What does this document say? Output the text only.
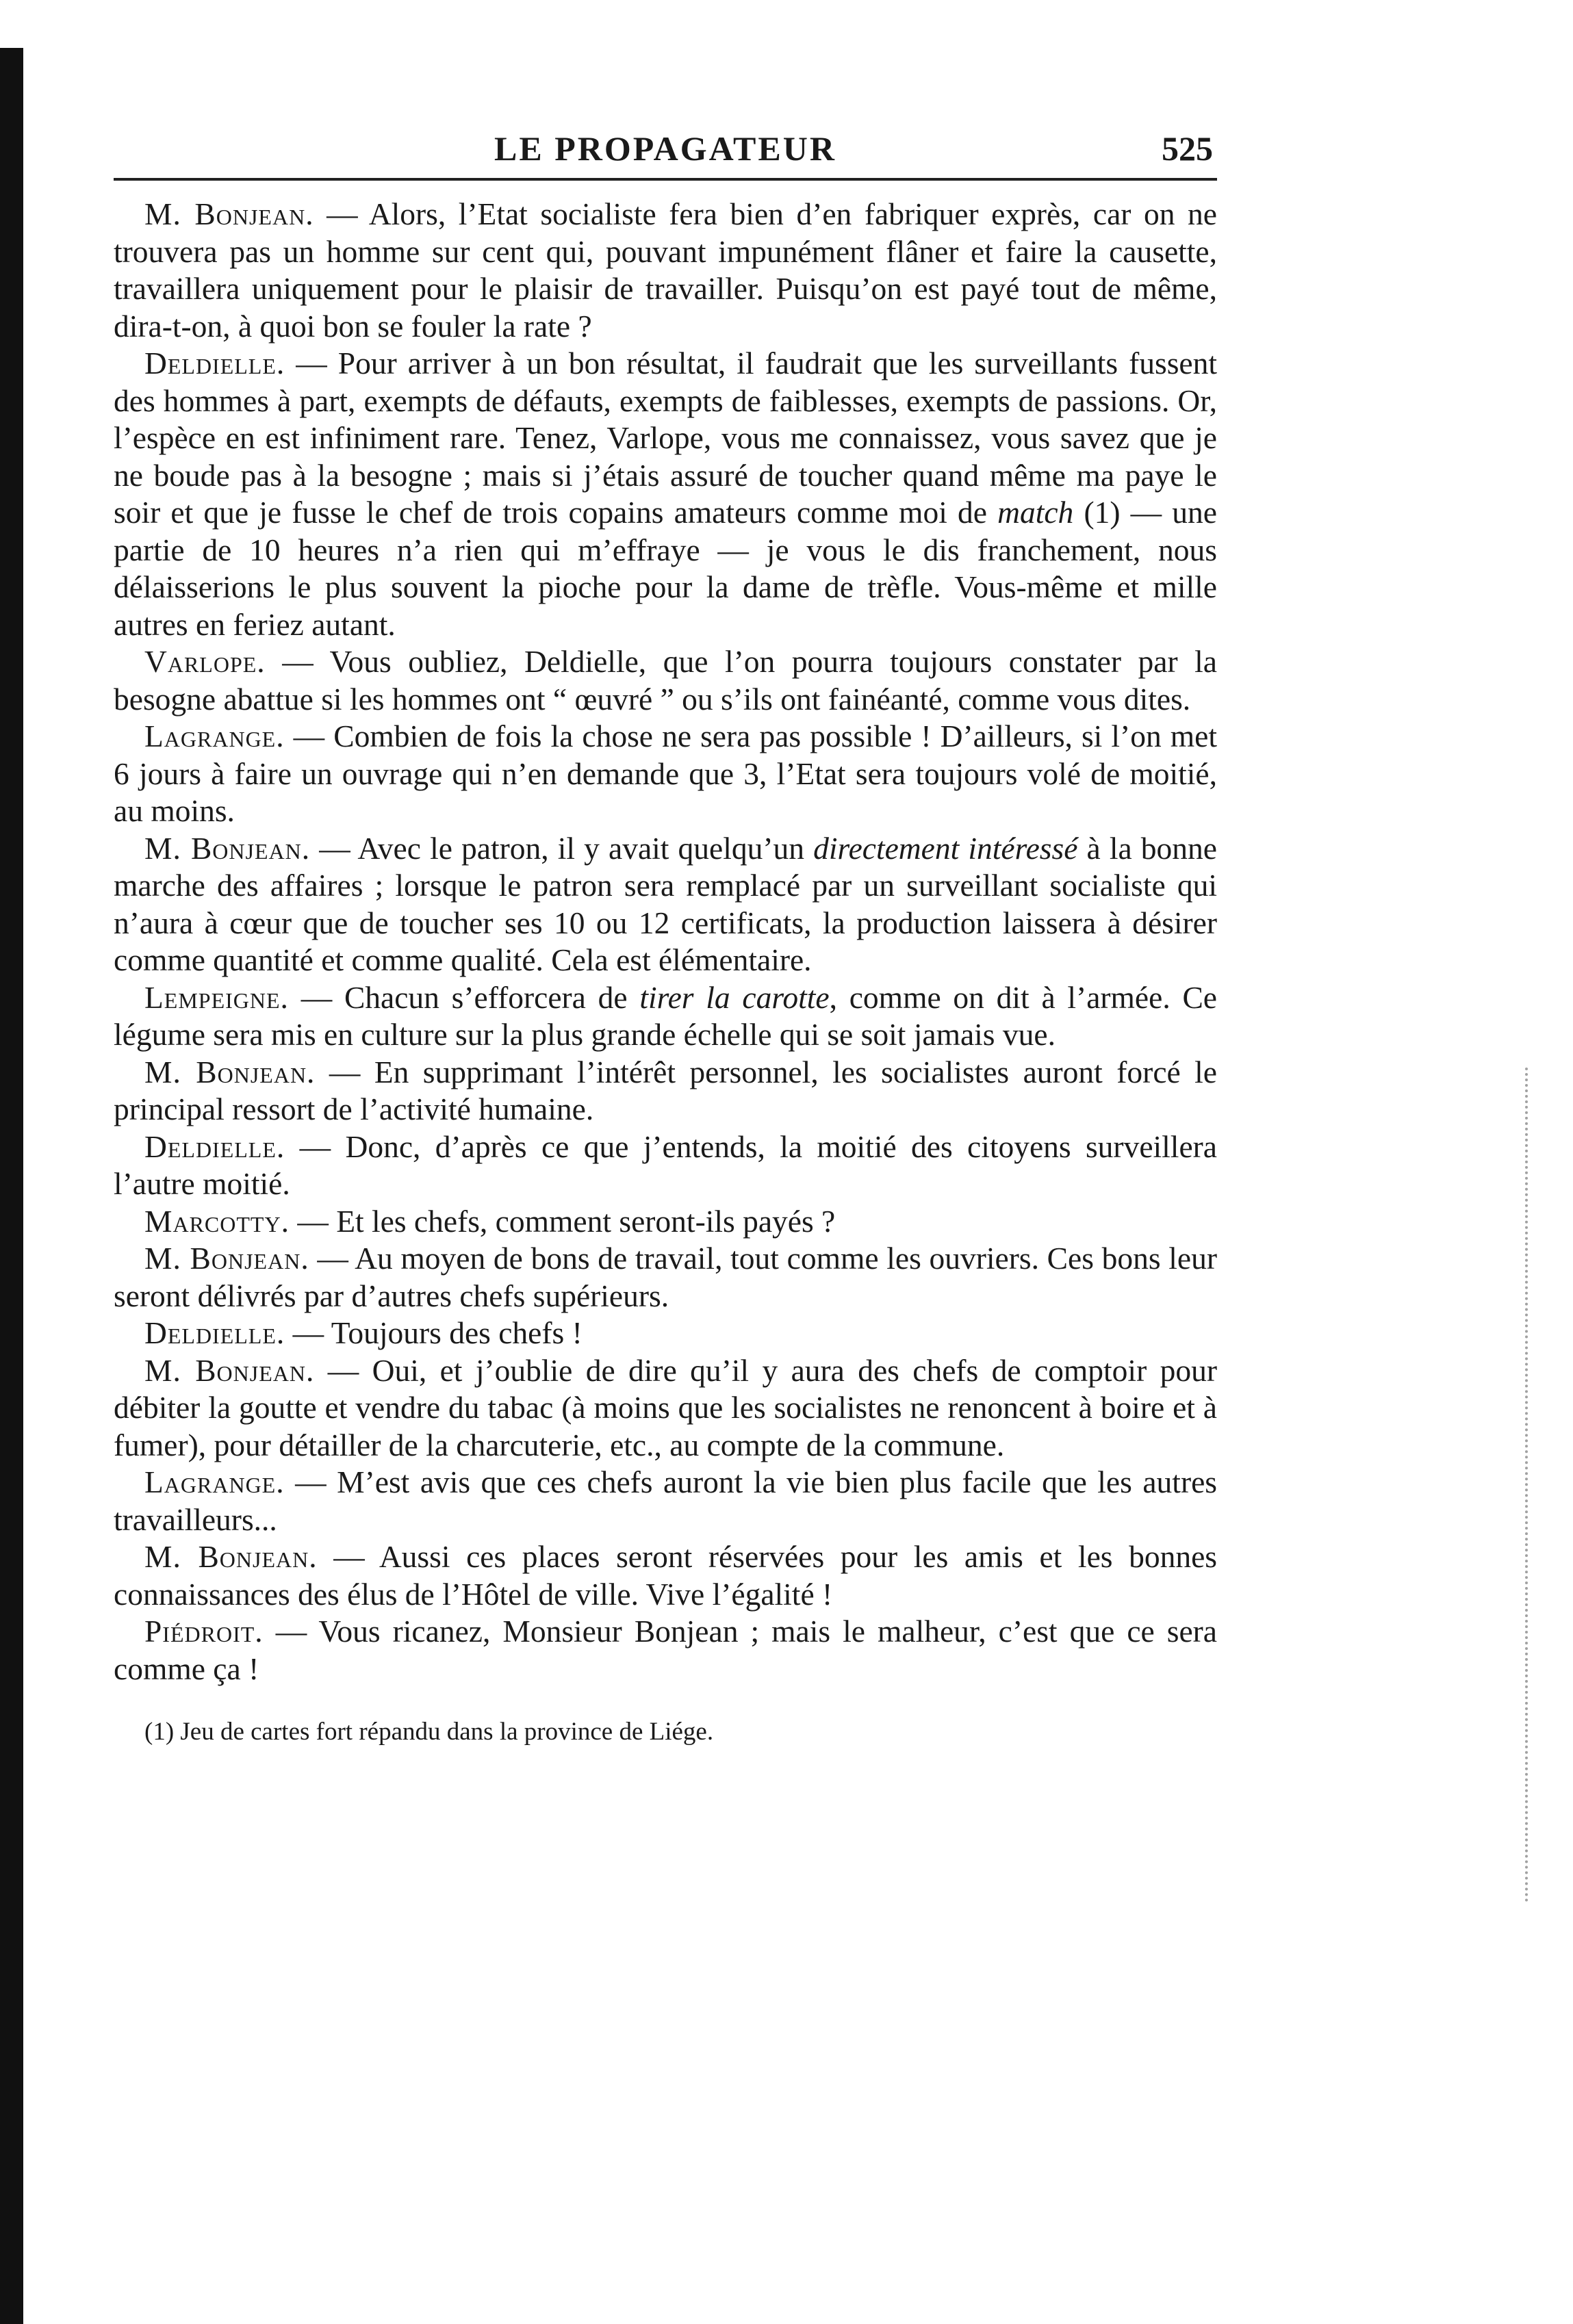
LE PROPAGATEUR	525

M. Bonjean. — Alors, l’Etat socialiste fera bien d’en fabriquer exprès, car on ne trouvera pas un homme sur cent qui, pouvant impunément flâner et faire la causette, travaillera uniquement pour le plaisir de travailler. Puisqu’on est payé tout de même, dira-t-on, à quoi bon se fouler la rate ?

Deldielle. — Pour arriver à un bon résultat, il faudrait que les surveillants fussent des hommes à part, exempts de défauts, exempts de faiblesses, exempts de passions. Or, l’espèce en est infiniment rare. Tenez, Varlope, vous me connaissez, vous savez que je ne boude pas à la besogne ; mais si j’étais assuré de toucher quand même ma paye le soir et que je fusse le chef de trois copains amateurs comme moi de match (1) — une partie de 10 heures n’a rien qui m’effraye — je vous le dis franchement, nous délaisserions le plus souvent la pioche pour la dame de trèfle. Vous-même et mille autres en feriez autant.

Varlope. — Vous oubliez, Deldielle, que l’on pourra toujours constater par la besogne abattue si les hommes ont “ œuvré ” ou s’ils ont fainéanté, comme vous dites.

Lagrange. — Combien de fois la chose ne sera pas possible ! D’ailleurs, si l’on met 6 jours à faire un ouvrage qui n’en demande que 3, l’Etat sera toujours volé de moitié, au moins.

M. Bonjean. — Avec le patron, il y avait quelqu’un directement intéressé à la bonne marche des affaires ; lorsque le patron sera remplacé par un surveillant socialiste qui n’aura à cœur que de toucher ses 10 ou 12 certificats, la production laissera à désirer comme quantité et comme qualité. Cela est élémentaire.

Lempeigne. — Chacun s’efforcera de tirer la carotte, comme on dit à l’armée. Ce légume sera mis en culture sur la plus grande échelle qui se soit jamais vue.

M. Bonjean. — En supprimant l’intérêt personnel, les socialistes auront forcé le principal ressort de l’activité humaine.

Deldielle. — Donc, d’après ce que j’entends, la moitié des citoyens surveillera l’autre moitié.

Marcotty. — Et les chefs, comment seront-ils payés ?

M. Bonjean. — Au moyen de bons de travail, tout comme les ouvriers. Ces bons leur seront délivrés par d’autres chefs supérieurs.

Deldielle. — Toujours des chefs !

M. Bonjean. — Oui, et j’oublie de dire qu’il y aura des chefs de comptoir pour débiter la goutte et vendre du tabac (à moins que les socialistes ne renoncent à boire et à fumer), pour détailler de la charcuterie, etc., au compte de la commune.

Lagrange. — M’est avis que ces chefs auront la vie bien plus facile que les autres travailleurs...

M. Bonjean. — Aussi ces places seront réservées pour les amis et les bonnes connaissances des élus de l’Hôtel de ville. Vive l’égalité !

Piédroit. — Vous ricanez, Monsieur Bonjean ; mais le malheur, c’est que ce sera comme ça !

(1) Jeu de cartes fort répandu dans la province de Liége.
